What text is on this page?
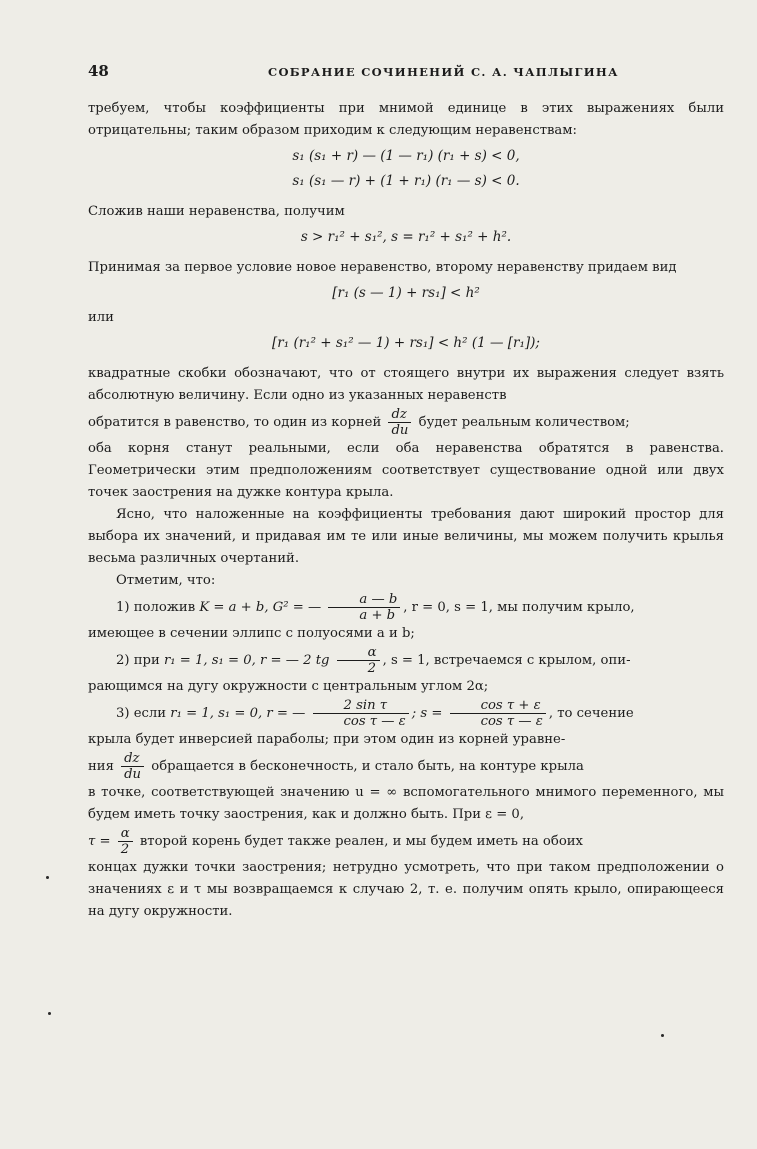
48	СОБРАНИЕ СОЧИНЕНИЙ С. А. ЧАПЛЫГИНА

требуем, чтобы коэффициенты при мнимой единице в этих выражениях были отрицательны; таким образом приходим к следующим неравенствам:

s₁ (s₁ + r) — (1 — r₁) (r₁ + s) < 0,
s₁ (s₁ — r) + (1 + r₁) (r₁ — s) < 0.

Сложив наши неравенства, получим

s > r₁² + s₁², s = r₁² + s₁² + h².

Принимая за первое условие новое неравенство, второму неравенству придаем вид

[r₁ (s — 1) + rs₁] < h²

или

[r₁ (r₁² + s₁² — 1) + rs₁] < h² (1 — [r₁]);

квадратные скобки обозначают, что от стоящего внутри их выражения следует взять абсолютную величину. Если одно из указанных неравенств

обратится в равенство, то один из корней $\frac{dz}{du}$ будет реальным количеством;

оба корня станут реальными, если оба неравенства обратятся в равенства. Геометрически этим предположениям соответствует существование одной или двух точек заострения на дужке контура крыла.

Ясно, что наложенные на коэффициенты требования дают широкий простор для выбора их значений, и придавая им те или иные величины, мы можем получить крылья весьма различных очертаний.

Отметим, что:

1) положив K = a + b, G² = — $\frac{a — b}{a + b}$ , r = 0, s = 1, мы получим крыло,

имеющее в сечении эллипс с полуосями a и b;

2) при r₁ = 1, s₁ = 0, r = — 2 tg $\frac{\alpha}{2}$ , s = 1, встречаемся с крылом, опи-

рающимся на дугу окружности с центральным углом 2α;

3) если r₁ = 1, s₁ = 0, r = — $\frac{\text{2 sin τ}}{\text{cos τ — ε}}$ ; $s = \frac{\text{cos τ + ε}}{\text{cos τ — ε}}$ , то сечение

крыла будет инверсией параболы; при этом один из корней уравне-

ния $\frac{dz}{du}$ обращается в бесконечность, и стало быть, на контуре крыла

в точке, соответствующей значению u = ∞ вспомогательного мнимого переменного, мы будем иметь точку заострения, как и должно быть. При ε = 0,

$\tau = \frac{\alpha}{2}$ второй корень будет также реален, и мы будем иметь на обоих

концах дужки точки заострения; нетрудно усмотреть, что при таком предположении о значениях ε и τ мы возвращаемся к случаю 2, т. е. получим опять крыло, опирающееся на дугу окружности.
